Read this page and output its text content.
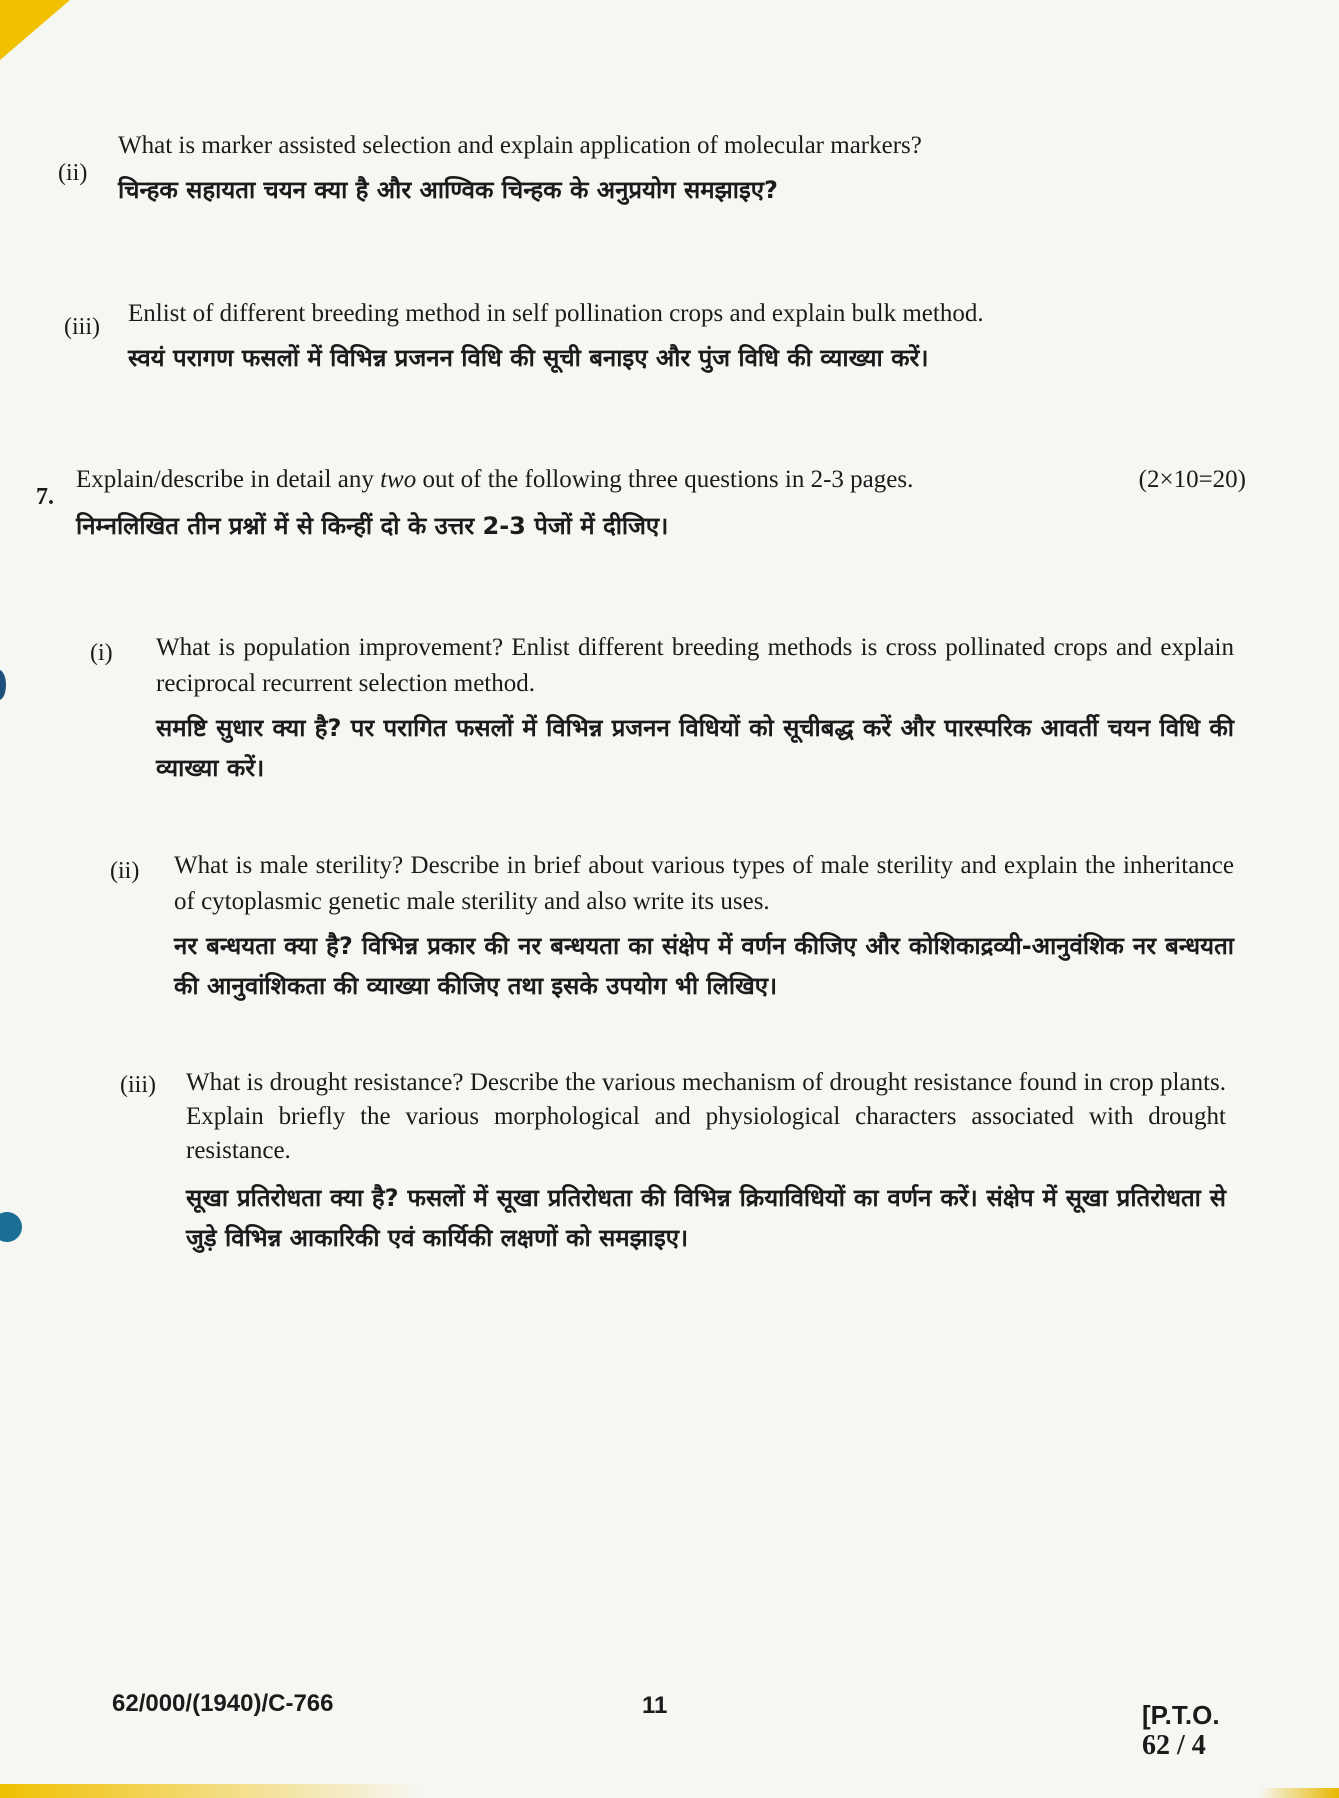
(ii)

What is marker assisted selection and explain application of molecular markers?

चिन्हक सहायता चयन क्या है और आण्विक चिन्हक के अनुप्रयोग समझाइए?

(iii) Enlist of different breeding method in self pollination crops and explain bulk method.

स्वयं परागण फसलों में विभिन्न प्रजनन विधि की सूची बनाइए और पुंज विधि की व्याख्या करें।

7.
Explain/describe in detail any two out of the following three questions in 2-3 pages.	(2×10=20)

निम्नलिखित तीन प्रश्नों में से किन्हीं दो के उत्तर 2-3 पेजों में दीजिए।

(i) What is population improvement? Enlist different breeding methods is cross pollinated crops and explain reciprocal recurrent selection method.

समष्टि सुधार क्या है? पर परागित फसलों में विभिन्न प्रजनन विधियों को सूचीबद्ध करें और पारस्परिक आवर्ती चयन विधि की व्याख्या करें।

(ii) What is male sterility? Describe in brief about various types of male sterility and explain the inheritance of cytoplasmic genetic male sterility and also write its uses.

नर बन्धयता क्या है? विभिन्न प्रकार की नर बन्धयता का संक्षेप में वर्णन कीजिए और कोशिकाद्रव्यी-आनुवंशिक नर बन्धयता की आनुवांशिकता की व्याख्या कीजिए तथा इसके उपयोग भी लिखिए।

(iii) What is drought resistance? Describe the various mechanism of drought resistance found in crop plants. Explain briefly the various morphological and physiological characters associated with drought resistance.

सूखा प्रतिरोधता क्या है? फसलों में सूखा प्रतिरोधता की विभिन्न क्रियाविधियों का वर्णन करें। संक्षेप में सूखा प्रतिरोधता से जुड़े विभिन्न आकारिकी एवं कार्यिकी लक्षणों को समझाइए।

62/000/(1940)/C-766	11	[P.T.O.
62 / 4
